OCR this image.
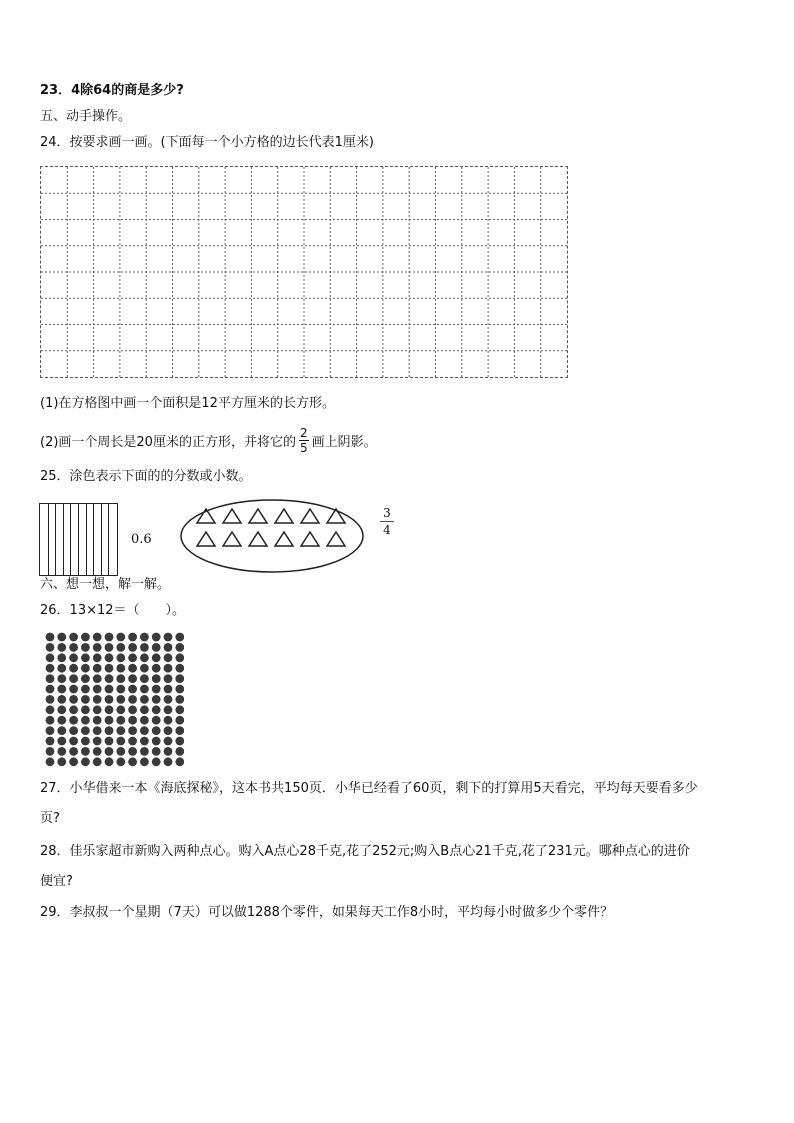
23．4除64的商是多少?
五、动手操作。
24．按要求画一画。(下面每一个小方格的边长代表1厘米)
(1)在方格图中画一个面积是12平方厘米的长方形。
(2)画一个周长是20厘米的正方形，并将它的 $\frac{2}{5}$ 画上阴影。
25．涂色表示下面的的分数或小数。
0.6
$\frac{3}{4}$
六、想一想，解一解。
26．13×12＝（　　）。
27．小华借来一本《海底探秘》，这本书共150页．小华已经看了60页，剩下的打算用5天看完，平均每天要看多少
页?
28．佳乐家超市新购入两种点心。购入A点心28千克,花了252元;购入B点心21千克,花了231元。哪种点心的进价
便宜?
29．李叔叔一个星期（7天）可以做1288个零件，如果每天工作8小时，平均每小时做多少个零件？
